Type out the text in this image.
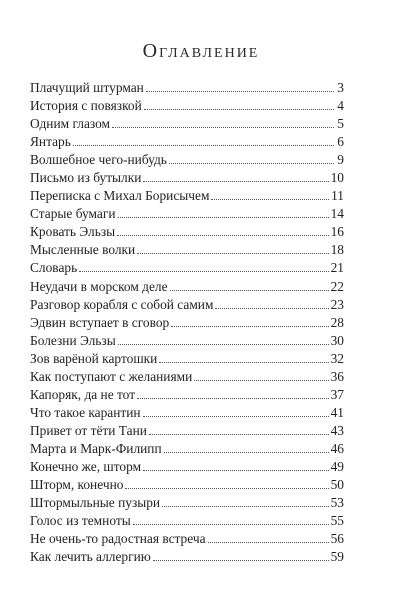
Оглавление
Плачущий штурман	3
История с повязкой	4
Одним глазом	5
Янтарь	6
Волшебное чего-нибудь	9
Письмо из бутылки	10
Переписка с Михал Борисычем	11
Старые бумаги	14
Кровать Эльзы	16
Мысленные волки	18
Словарь	21
Неудачи в морском деле	22
Разговор корабля с собой самим	23
Эдвин вступает в сговор	28
Болезни Эльзы	30
Зов варёной картошки	32
Как поступают с желаниями	36
Капоряк, да не тот	37
Что такое карантин	41
Привет от тёти Тани	43
Марта и Марк-Филипп	46
Конечно же, шторм	49
Шторм, конечно	50
Штормыльные пузыри	53
Голос из темноты	55
Не очень-то радостная встреча	56
Как лечить аллергию	59
